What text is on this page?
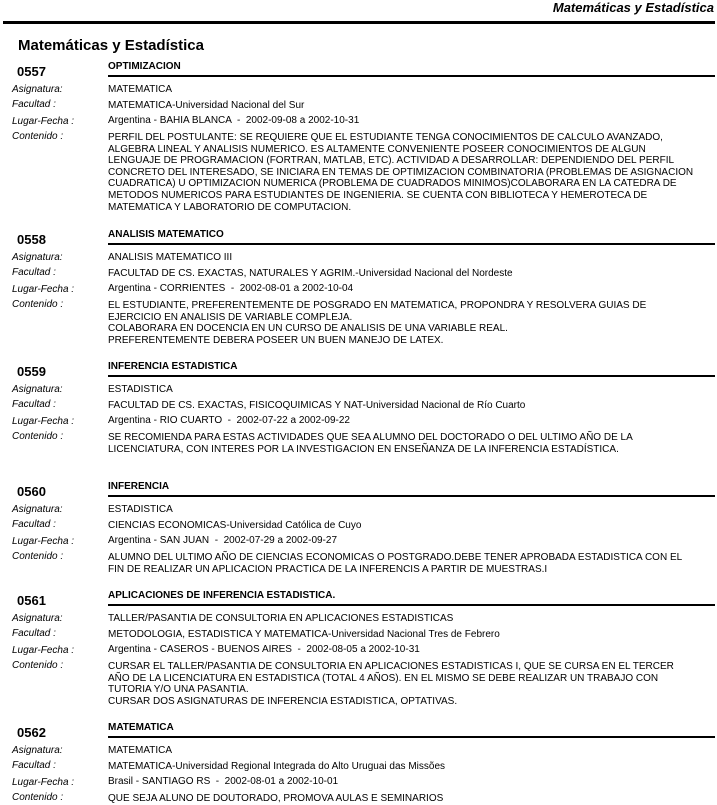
Matemáticas y Estadística
Matemáticas y Estadística
0557	OPTIMIZACION
Asignatura:	MATEMATICA
Facultad :	MATEMATICA-Universidad Nacional del Sur
Lugar-Fecha :	Argentina - BAHIA BLANCA  -  2002-09-08 a 2002-10-31
Contenido :	PERFIL DEL POSTULANTE: SE REQUIERE QUE EL ESTUDIANTE TENGA CONOCIMIENTOS DE CALCULO AVANZADO,
ALGEBRA LINEAL Y ANALISIS NUMERICO. ES ALTAMENTE CONVENIENTE POSEER CONOCIMIENTOS DE ALGUN
LENGUAJE DE PROGRAMACION (FORTRAN, MATLAB, ETC). ACTIVIDAD A DESARROLLAR: DEPENDIENDO DEL PERFIL
CONCRETO DEL INTERESADO, SE INICIARA EN TEMAS DE OPTIMIZACION COMBINATORIA (PROBLEMAS DE ASIGNACION
CUADRATICA) U OPTIMIZACION NUMERICA (PROBLEMA DE CUADRADOS MINIMOS)COLABORARA EN LA CATEDRA DE
METODOS NUMERICOS PARA ESTUDIANTES DE INGENIERIA. SE CUENTA CON BIBLIOTECA Y HEMEROTECA DE
MATEMATICA Y LABORATORIO DE COMPUTACION.
0558	ANALISIS MATEMATICO
Asignatura:	ANALISIS MATEMATICO III
Facultad :	FACULTAD DE CS. EXACTAS, NATURALES Y AGRIM.-Universidad Nacional del Nordeste
Lugar-Fecha :	Argentina - CORRIENTES  -  2002-08-01 a 2002-10-04
Contenido :	EL ESTUDIANTE, PREFERENTEMENTE DE POSGRADO EN MATEMATICA, PROPONDRA Y RESOLVERA GUIAS DE
EJERCICIO EN ANALISIS DE VARIABLE COMPLEJA.
COLABORARA EN DOCENCIA EN UN CURSO DE ANALISIS DE UNA VARIABLE REAL.
PREFERENTEMENTE DEBERA POSEER UN BUEN MANEJO DE LATEX.
0559	INFERENCIA ESTADISTICA
Asignatura:	ESTADISTICA
Facultad :	FACULTAD DE CS. EXACTAS, FISICOQUIMICAS Y NAT-Universidad Nacional de Río Cuarto
Lugar-Fecha :	Argentina - RIO CUARTO  -  2002-07-22 a 2002-09-22
Contenido :	SE RECOMIENDA PARA ESTAS ACTIVIDADES QUE SEA ALUMNO DEL DOCTORADO O DEL ULTIMO AÑO DE LA
LICENCIATURA, CON INTERES POR LA INVESTIGACION EN ENSEÑANZA DE LA INFERENCIA ESTADÍSTICA.
0560	INFERENCIA
Asignatura:	ESTADISTICA
Facultad :	CIENCIAS ECONOMICAS-Universidad Católica de Cuyo
Lugar-Fecha :	Argentina - SAN JUAN  -  2002-07-29 a 2002-09-27
Contenido :	ALUMNO DEL ULTIMO AÑO DE CIENCIAS ECONOMICAS O POSTGRADO.DEBE TENER APROBADA ESTADISTICA CON EL
FIN DE REALIZAR UN APLICACION PRACTICA DE LA INFERENCIS A PARTIR DE MUESTRAS.I
0561	APLICACIONES DE INFERENCIA ESTADISTICA.
Asignatura:	TALLER/PASANTIA DE CONSULTORIA EN APLICACIONES ESTADISTICAS
Facultad :	METODOLOGIA, ESTADISTICA Y MATEMATICA-Universidad Nacional Tres de Febrero
Lugar-Fecha :	Argentina - CASEROS - BUENOS AIRES  -  2002-08-05 a 2002-10-31
Contenido :	CURSAR EL TALLER/PASANTIA DE CONSULTORIA EN APLICACIONES ESTADISTICAS I, QUE SE CURSA EN EL TERCER
AÑO DE LA LICENCIATURA EN ESTADISTICA (TOTAL 4 AÑOS). EN EL MISMO SE DEBE REALIZAR UN TRABAJO CON
TUTORIA Y/O UNA PASANTIA.
CURSAR DOS ASIGNATURAS DE INFERENCIA ESTADISTICA, OPTATIVAS.
0562	MATEMATICA
Asignatura:	MATEMATICA
Facultad :	MATEMATICA-Universidad Regional Integrada do Alto Uruguai das Missões
Lugar-Fecha :	Brasil - SANTIAGO RS  -  2002-08-01 a 2002-10-01
Contenido :	QUE SEJA ALUNO DE DOUTORADO, PROMOVA AULAS E SEMINARIOS
